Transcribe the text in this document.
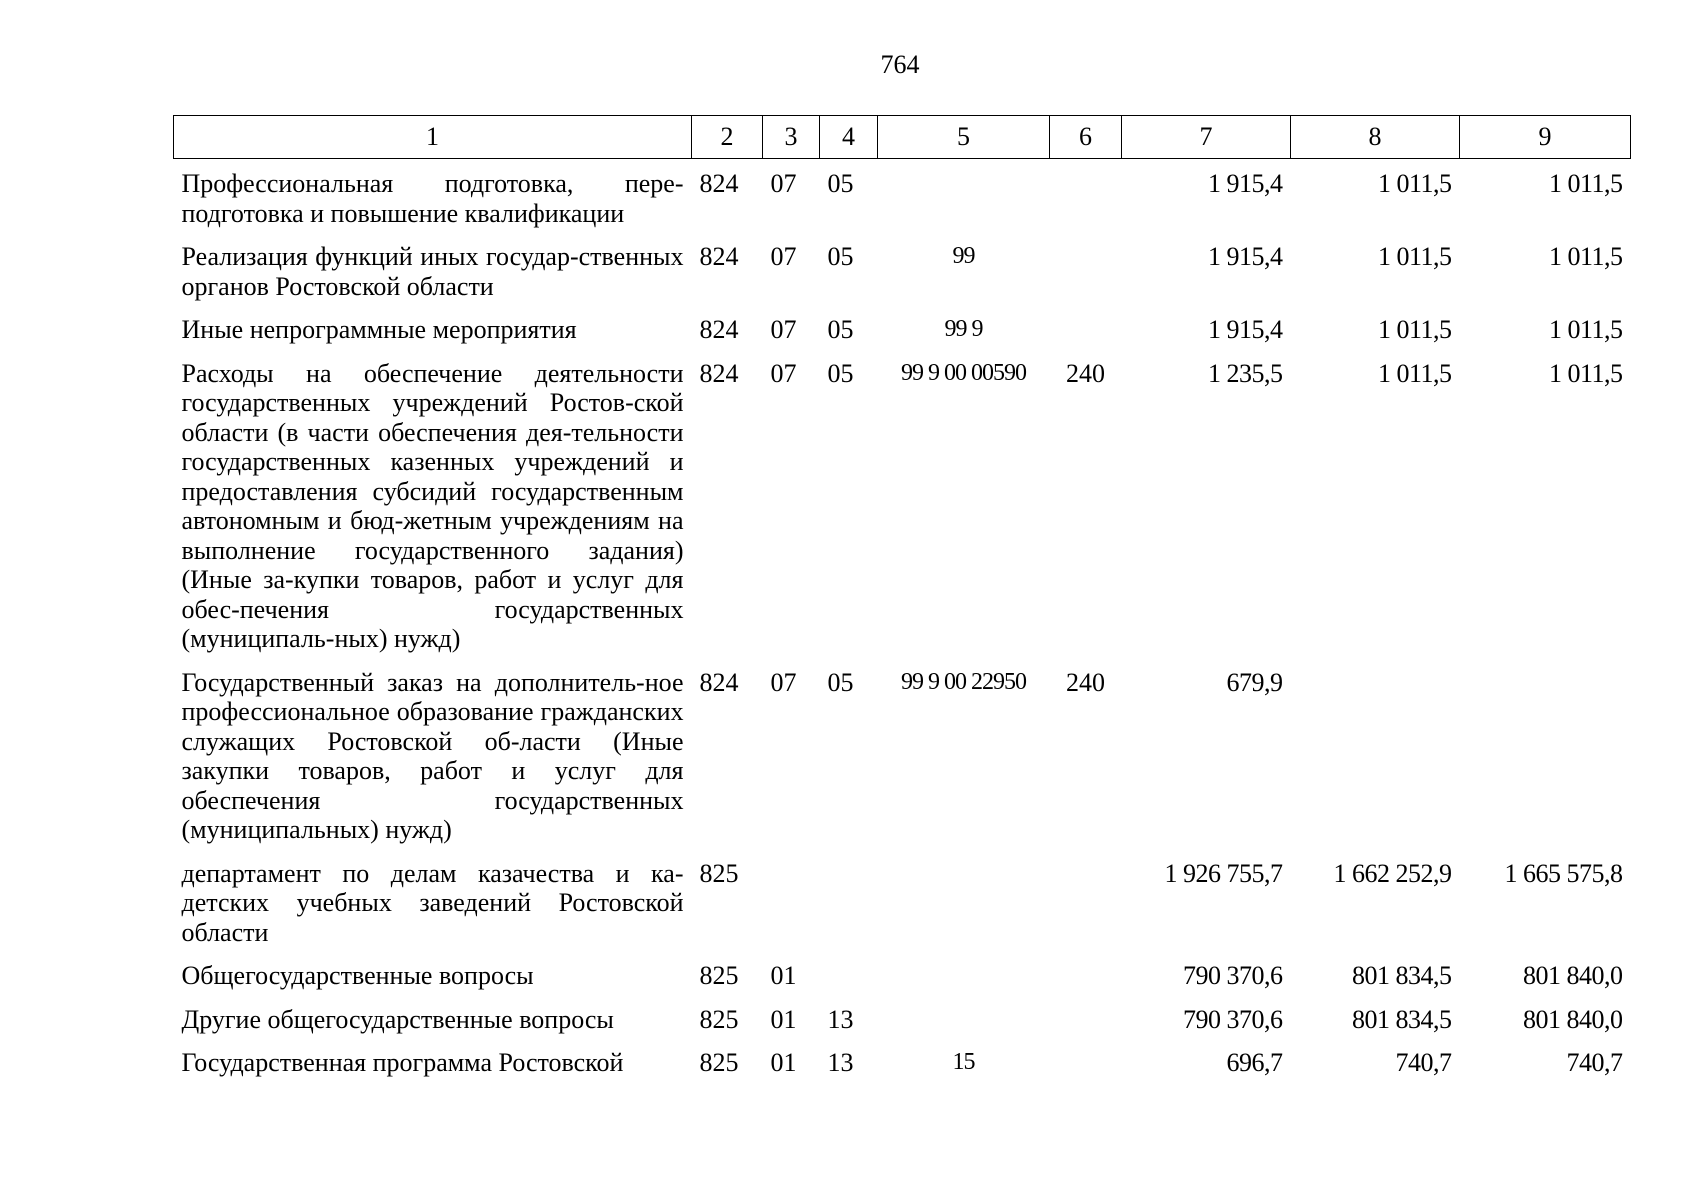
764
1	2	3	4	5	6	7	8	9
Профессиональная подготовка, пере-подготовка и повышение квалификации	824	07	05			1 915,4	1 011,5	1 011,5
Реализация функций иных государ-ственных органов Ростовской области	824	07	05	99		1 915,4	1 011,5	1 011,5
Иные непрограммные мероприятия	824	07	05	99 9		1 915,4	1 011,5	1 011,5
Расходы на обеспечение деятельности государственных учреждений Ростов-ской области (в части обеспечения дея-тельности государственных казенных учреждений и предоставления субсидий государственным автономным и бюд-жетным учреждениям на выполнение государственного задания) (Иные за-купки товаров, работ и услуг для обес-печения государственных (муниципаль-ных) нужд)	824	07	05	99 9 00 00590	240	1 235,5	1 011,5	1 011,5
Государственный заказ на дополнитель-ное профессиональное образование гражданских служащих Ростовской об-ласти (Иные закупки товаров, работ и услуг для обеспечения государственных (муниципальных) нужд)	824	07	05	99 9 00 22950	240	679,9		
департамент по делам казачества и ка-детских учебных заведений Ростовской области	825					1 926 755,7	1 662 252,9	1 665 575,8
Общегосударственные вопросы	825	01				790 370,6	801 834,5	801 840,0
Другие общегосударственные вопросы	825	01	13			790 370,6	801 834,5	801 840,0
Государственная программа Ростовской	825	01	13	15		696,7	740,7	740,7
